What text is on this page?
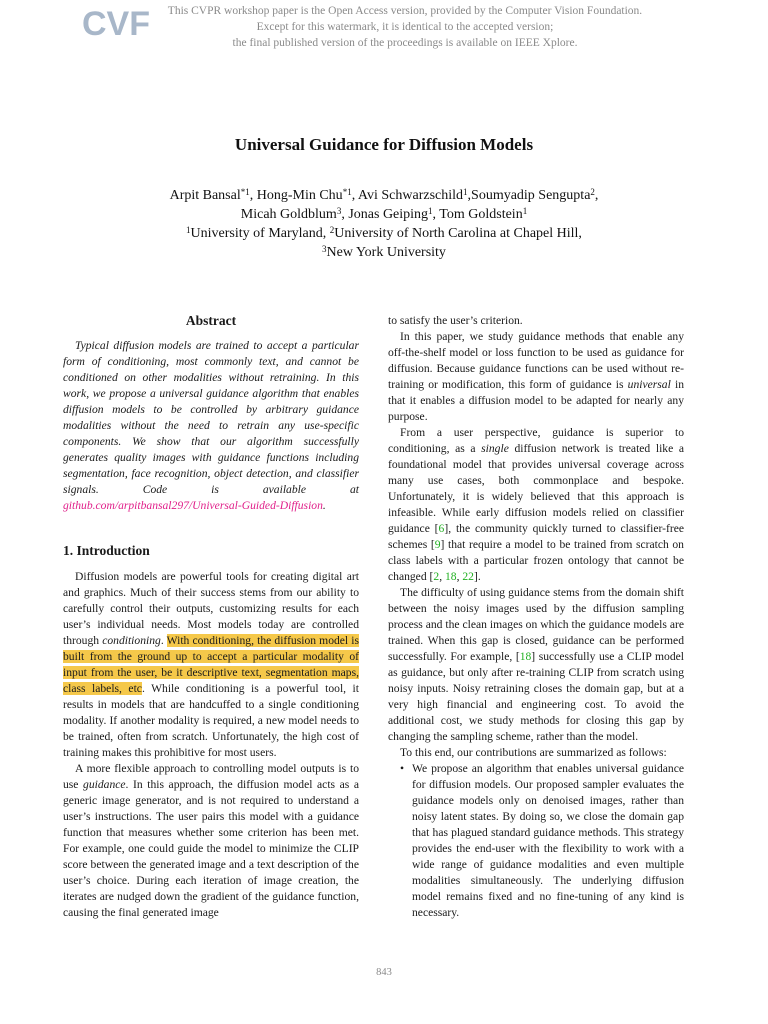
CVF	This CVPR workshop paper is the Open Access version, provided by the Computer Vision Foundation.
Except for this watermark, it is identical to the accepted version;
the final published version of the proceedings is available on IEEE Xplore.
Universal Guidance for Diffusion Models
Arpit Bansal$^{*1}$, Hong-Min Chu$^{*1}$, Avi Schwarzschild$^1$,Soumyadip Sengupta$^2$,
Micah Goldblum$^3$, Jonas Geiping$^1$, Tom Goldstein$^1$
$^1$University of Maryland, $^2$University of North Carolina at Chapel Hill,
$^3$New York University
Abstract

Typical diffusion models are trained to accept a particular form of conditioning, most commonly text, and cannot be conditioned on other modalities without retraining. In this work, we propose a universal guidance algorithm that enables diffusion models to be controlled by arbitrary guidance modalities without the need to retrain any use-specific components. We show that our algorithm successfully generates quality images with guidance functions including segmentation, face recognition, object detection, and classifier signals. Code is available at github.com/arpitbansal297/Universal-Guided-Diffusion.

1. Introduction

Diffusion models are powerful tools for creating digital art and graphics. Much of their success stems from our ability to carefully control their outputs, customizing results for each user’s individual needs. Most models today are controlled through conditioning. With conditioning, the diffusion model is built from the ground up to accept a particular modality of input from the user, be it descriptive text, segmentation maps, class labels, etc. While conditioning is a powerful tool, it results in models that are handcuffed to a single conditioning modality. If another modality is required, a new model needs to be trained, often from scratch. Unfortunately, the high cost of training makes this prohibitive for most users.

A more flexible approach to controlling model outputs is to use guidance. In this approach, the diffusion model acts as a generic image generator, and is not required to understand a user’s instructions. The user pairs this model with a guidance function that measures whether some criterion has been met. For example, one could guide the model to minimize the CLIP score between the generated image and a text description of the user’s choice. During each iteration of image creation, the iterates are nudged down the gradient of the guidance function, causing the final generated image

to satisfy the user’s criterion.

In this paper, we study guidance methods that enable any off-the-shelf model or loss function to be used as guidance for diffusion. Because guidance functions can be used without re-training or modification, this form of guidance is universal in that it enables a diffusion model to be adapted for nearly any purpose.

From a user perspective, guidance is superior to conditioning, as a single diffusion network is treated like a foundational model that provides universal coverage across many use cases, both commonplace and bespoke. Unfortunately, it is widely believed that this approach is infeasible. While early diffusion models relied on classifier guidance [6], the community quickly turned to classifier-free schemes [9] that require a model to be trained from scratch on class labels with a particular frozen ontology that cannot be changed [2, 18, 22].

The difficulty of using guidance stems from the domain shift between the noisy images used by the diffusion sampling process and the clean images on which the guidance models are trained. When this gap is closed, guidance can be performed successfully. For example, [18] successfully use a CLIP model as guidance, but only after re-training CLIP from scratch using noisy inputs. Noisy retraining closes the domain gap, but at a very high financial and engineering cost. To avoid the additional cost, we study methods for closing this gap by changing the sampling scheme, rather than the model.

To this end, our contributions are summarized as follows:

• We propose an algorithm that enables universal guidance for diffusion models. Our proposed sampler evaluates the guidance models only on denoised images, rather than noisy latent states. By doing so, we close the domain gap that has plagued standard guidance methods. This strategy provides the end-user with the flexibility to work with a wide range of guidance modalities and even multiple modalities simultaneously. The underlying diffusion model remains fixed and no fine-tuning of any kind is necessary.
843
